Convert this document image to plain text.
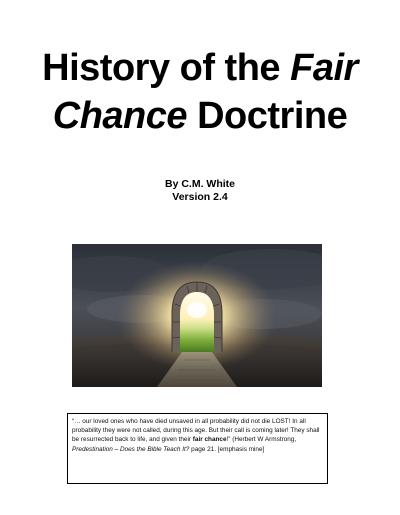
History of the Fair
Chance Doctrine
By C.M. White
Version 2.4
“… our loved ones who have died unsaved in all probability did not die LOST! In all probability they were not called, during this age. But their call is coming later! They shall be resurrected back to life, and given their fair chance!” (Herbert W Armstrong, Predestination – Does the Bible Teach It? page 21. [emphasis mine]
